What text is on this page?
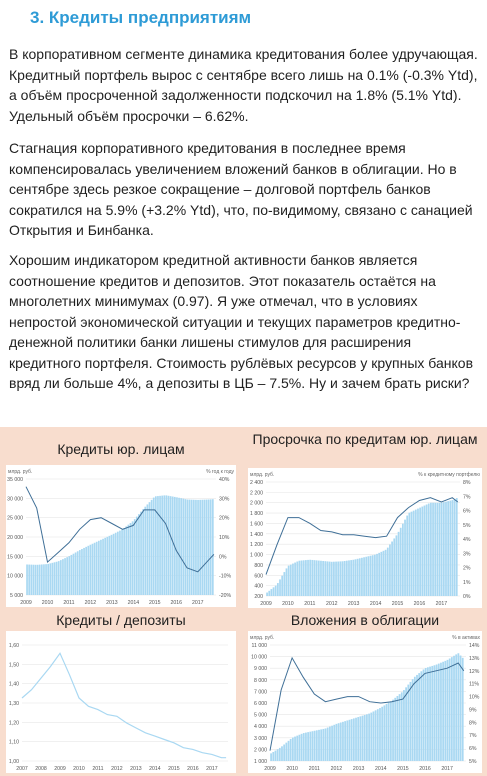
3. Кредиты предприятиям
В корпоративном сегменте динамика кредитования более удручающая. Кредитный портфель вырос с сентябре всего лишь на 0.1% (-0.3% Ytd), а объём просроченной задолженности подскочил на 1.8% (5.1% Ytd). Удельный объём просрочки – 6.62%.
Стагнация корпоративного кредитования в последнее время компенсировалась увеличением вложений банков в облигации. Но в сентябре здесь резкое сокращение – долговой портфель банков сократился на 5.9% (+3.2% Ytd), что, по-видимому, связано с санацией Открытия и Бинбанка.
Хорошим индикатором кредитной активности банков является соотношение кредитов и депозитов. Этот показатель остаётся на многолетних минимумах (0.97). Я уже отмечал, что в условиях непростой экономической ситуации и текущих параметров кредитно-денежной политики банки лишены стимулов для расширения кредитного портфеля. Стоимость рублёвых ресурсов у крупных банков вряд ли больше 4%, а депозиты в ЦБ – 7.5%. Ну и зачем брать риски?
Кредиты юр. лицам
Просрочка по кредитам юр. лицам
Кредиты / депозиты	Вложения в облигации
млрд. руб.	% год к году
35 000
30 000
25 000
20 000
15 000
10 000
5 000
40%
30%
20%
10%
0%
-10%
-20%
2009 2010 2011 2012 2013 2014 2015 2016 2017
млрд. руб.	% к кредитному портфелю
2 400
2 200
2 000
1 800
1 600
1 400
1 200
1 000
800
600
400
200
8%
7%
6%
5%
4%
3%
2%
1%
0%
2009 2010 2011 2012 2013 2014 2015 2016 2017
1,60
1,50
1,40
1,30
1,20
1,10
1,00
2007 2008 2009 2010 2011 2012 2013 2014 2015 2016 2017
млрд. руб.	% в активах
11 000
10 000
9 000
8 000
7 000
6 000
5 000
4 000
3 000
2 000
1 000
14%
13%
12%
11%
10%
9%
8%
7%
6%
5%
2009 2010 2011 2012 2013 2014 2015 2016 2017
